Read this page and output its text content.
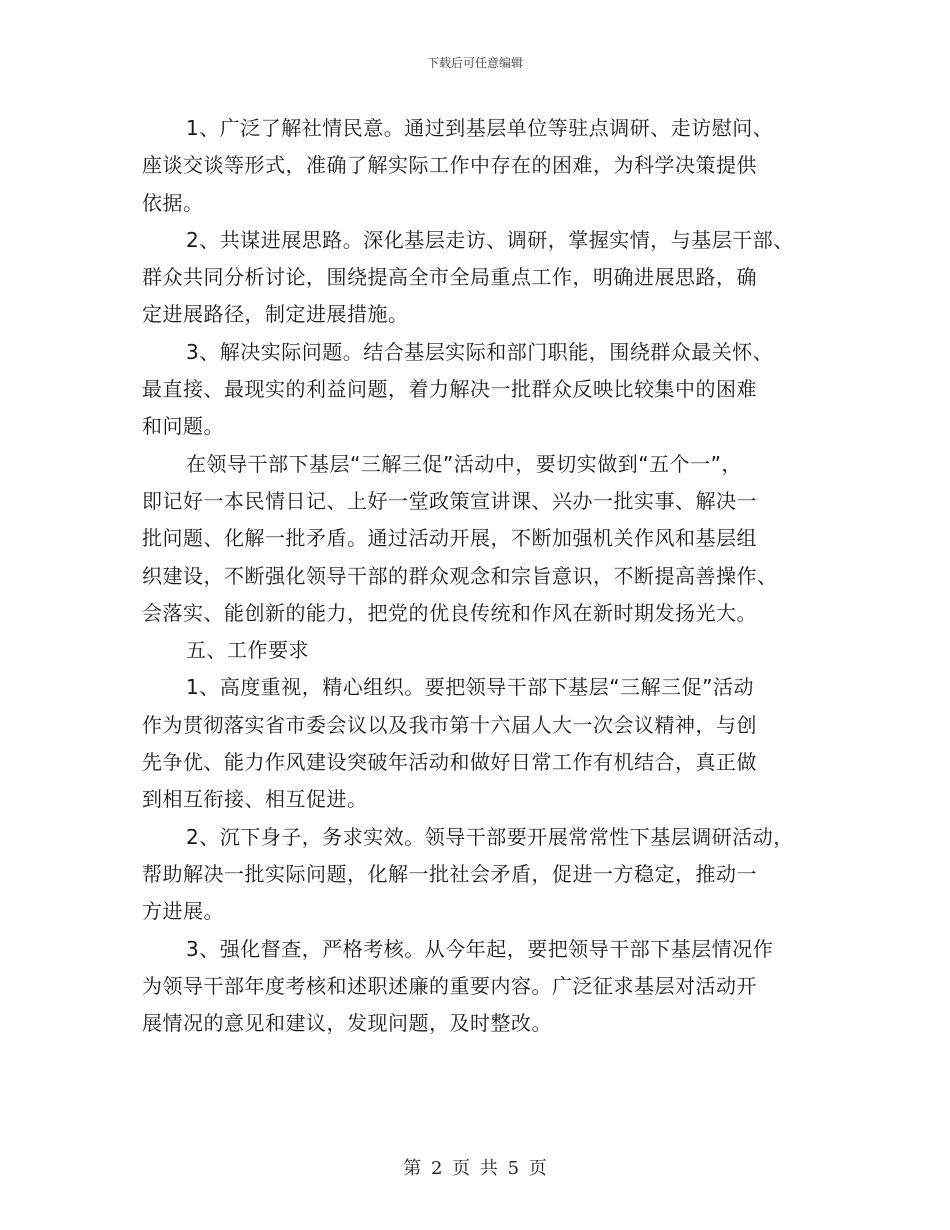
下载后可任意编辑
1、广泛了解社情民意。通过到基层单位等驻点调研、走访慰问、
座谈交谈等形式，准确了解实际工作中存在的困难，为科学决策提供
依据。
2、共谋进展思路。深化基层走访、调研，掌握实情，与基层干部、
群众共同分析讨论，围绕提高全市全局重点工作，明确进展思路，确
定进展路径，制定进展措施。
3、解决实际问题。结合基层实际和部门职能，围绕群众最关怀、
最直接、最现实的利益问题，着力解决一批群众反映比较集中的困难
和问题。
在领导干部下基层“三解三促”活动中，要切实做到“五个一”，
即记好一本民情日记、上好一堂政策宣讲课、兴办一批实事、解决一
批问题、化解一批矛盾。通过活动开展，不断加强机关作风和基层组
织建设，不断强化领导干部的群众观念和宗旨意识，不断提高善操作、
会落实、能创新的能力，把党的优良传统和作风在新时期发扬光大。
五、工作要求
1、高度重视，精心组织。要把领导干部下基层“三解三促”活动
作为贯彻落实省市委会议以及我市第十六届人大一次会议精神，与创
先争优、能力作风建设突破年活动和做好日常工作有机结合，真正做
到相互衔接、相互促进。
2、沉下身子，务求实效。领导干部要开展常常性下基层调研活动，
帮助解决一批实际问题，化解一批社会矛盾，促进一方稳定，推动一
方进展。
3、强化督查，严格考核。从今年起，要把领导干部下基层情况作
为领导干部年度考核和述职述廉的重要内容。广泛征求基层对活动开
展情况的意见和建议，发现问题，及时整改。
第 2 页 共 5 页
